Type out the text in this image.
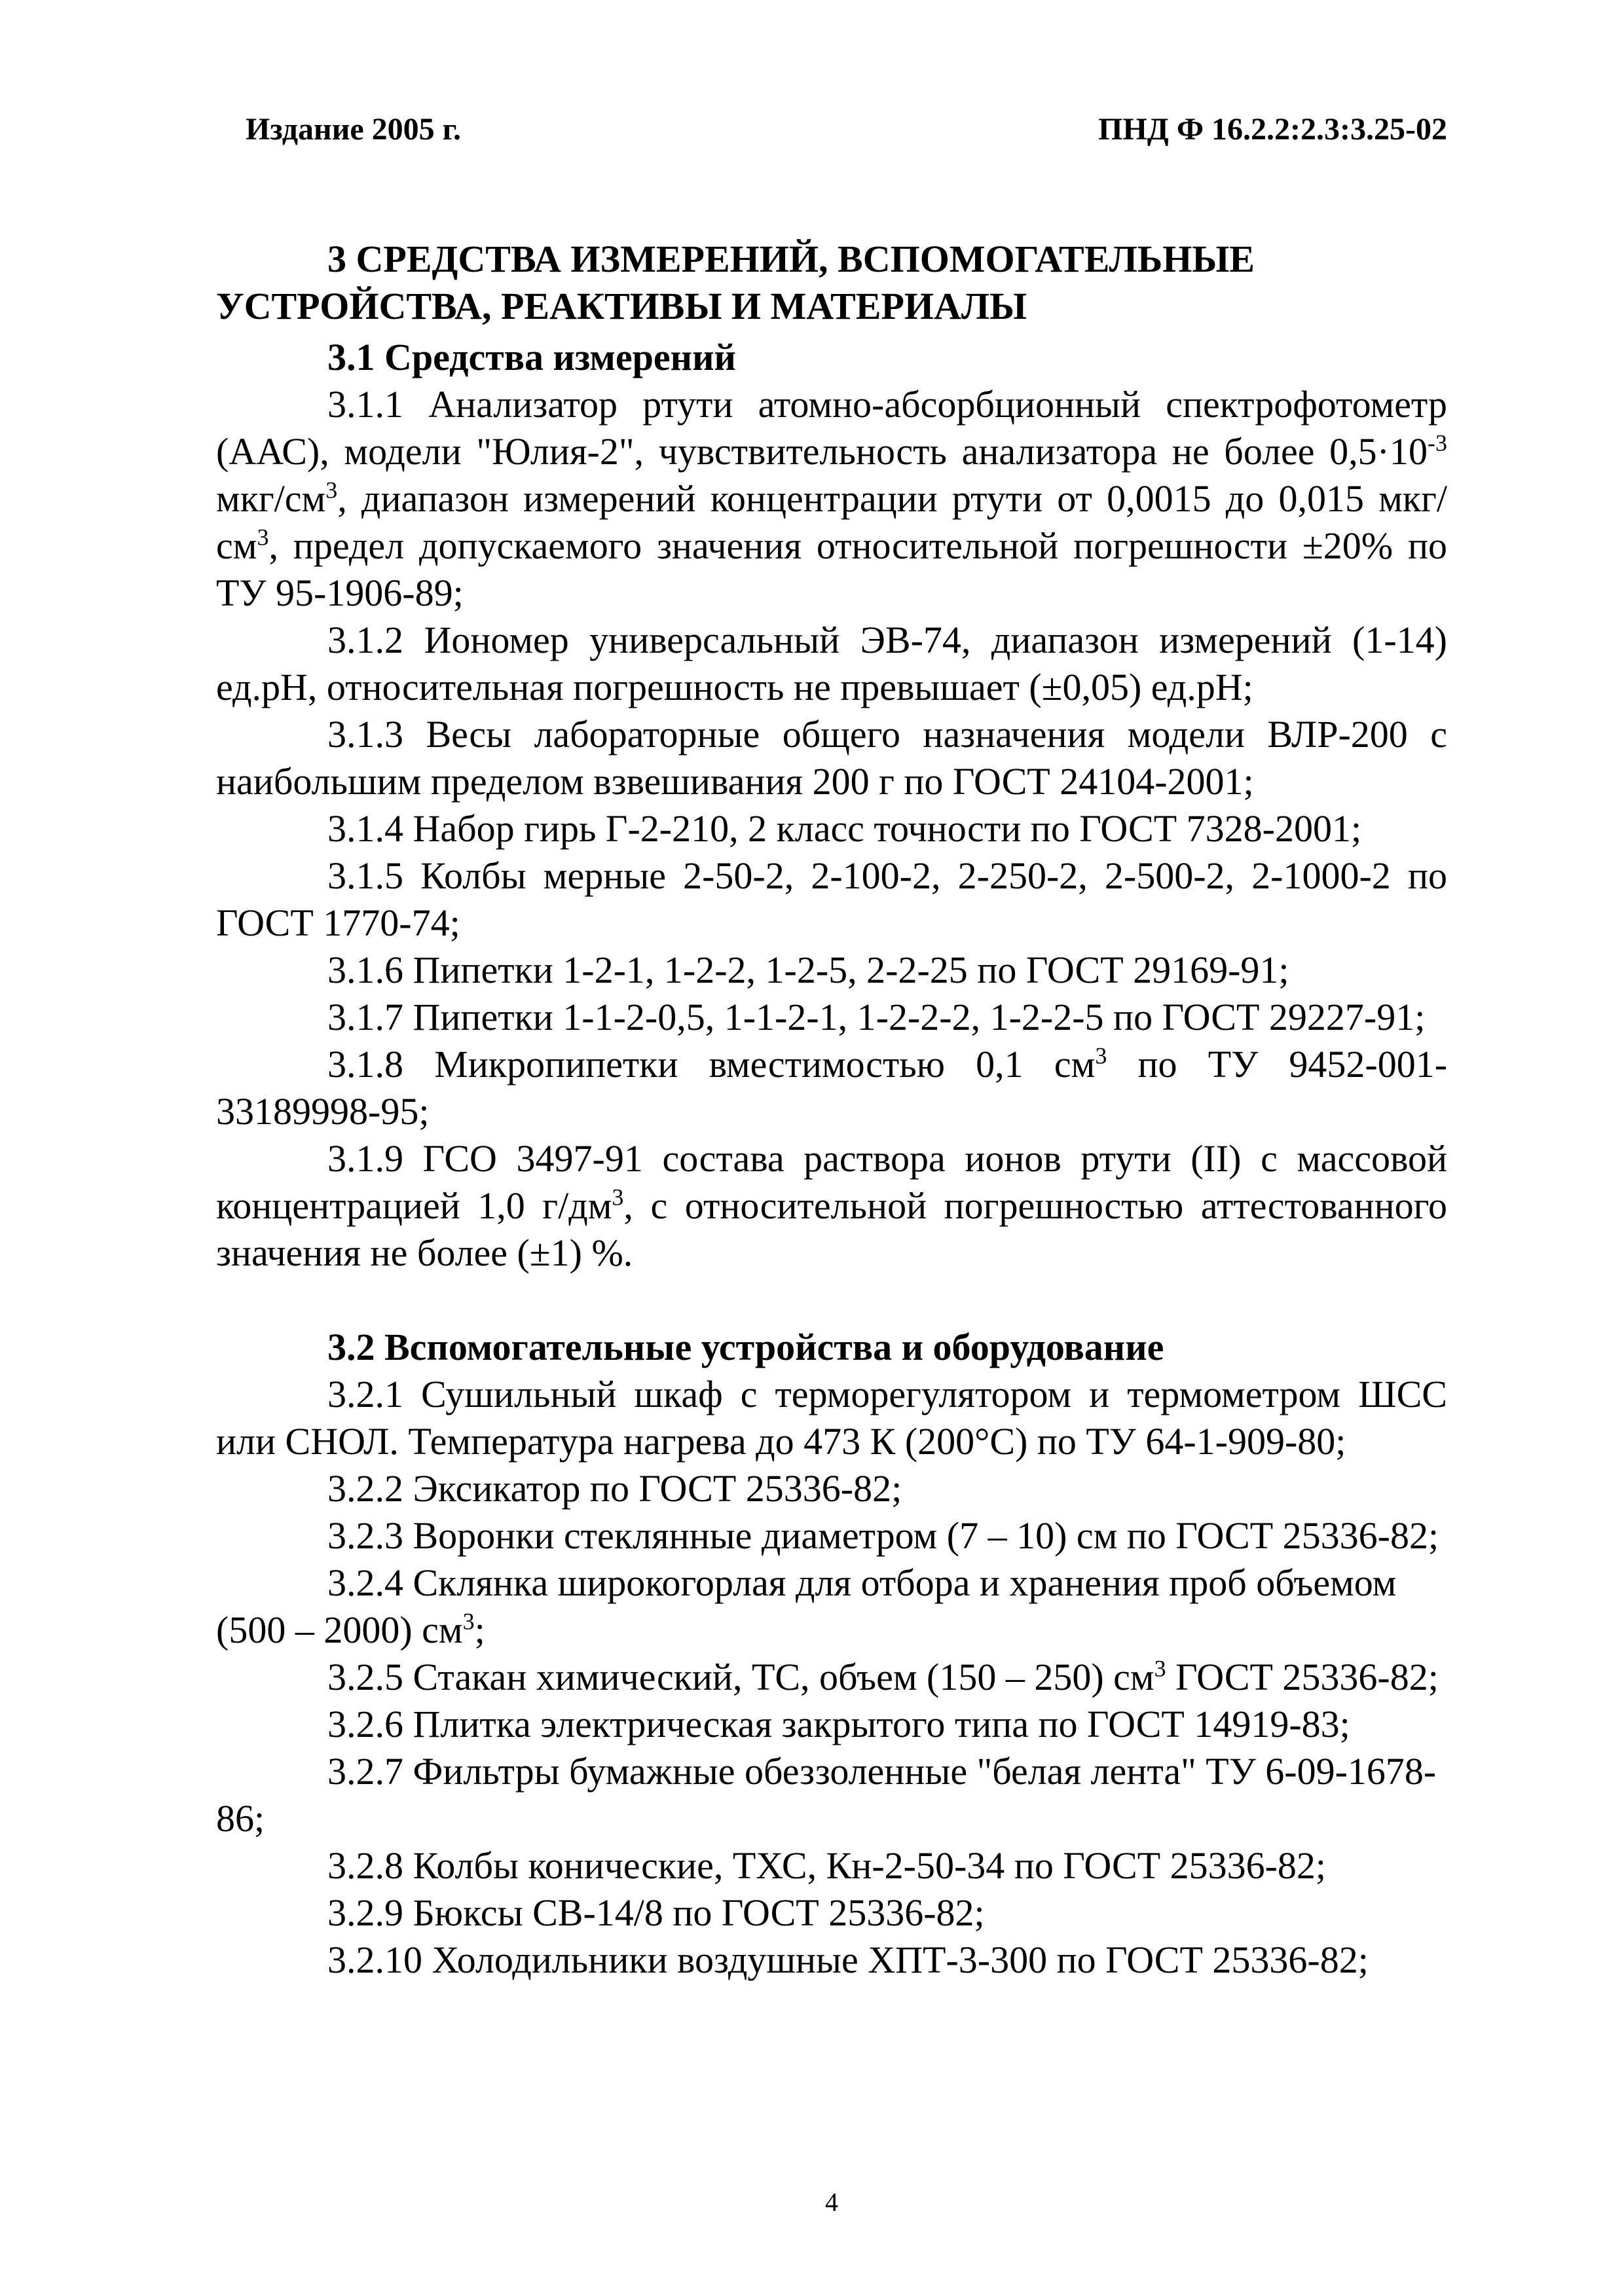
Издание 2005 г.	ПНД Ф 16.2.2:2.3:3.25-02
3 СРЕДСТВА ИЗМЕРЕНИЙ, ВСПОМОГАТЕЛЬНЫЕ
УСТРОЙСТВА, РЕАКТИВЫ И МАТЕРИАЛЫ

3.1 Средства измерений

3.1.1 Анализатор ртути атомно-абсорбционный спектрофотометр (ААС), модели "Юлия-2", чувствительность анализатора не более $0,5\cdot 10^{-3}$ мкг/$см^3$, диапазон измерений концентрации ртути от 0,0015 до 0,015 мкг/$см^3$, предел допускаемого значения относительной погрешности ±20% по ТУ 95-1906-89;

3.1.2 Иономер универсальный ЭВ-74, диапазон измерений (1-14) ед.рН, относительная погрешность не превышает (±0,05) ед.рН;

3.1.3 Весы лабораторные общего назначения модели ВЛР-200 с наибольшим пределом взвешивания 200 г по ГОСТ 24104-2001;

3.1.4 Набор гирь Г-2-210, 2 класс точности по ГОСТ 7328-2001;

3.1.5 Колбы мерные 2-50-2, 2-100-2, 2-250-2, 2-500-2, 2-1000-2 по ГОСТ 1770-74;

3.1.6 Пипетки 1-2-1, 1-2-2, 1-2-5, 2-2-25 по ГОСТ 29169-91;

3.1.7 Пипетки 1-1-2-0,5, 1-1-2-1, 1-2-2-2, 1-2-2-5 по ГОСТ 29227-91;

3.1.8 Микропипетки вместимостью 0,1 $см^3$ по ТУ 9452-001-33189998-95;

3.1.9 ГСО 3497-91 состава раствора ионов ртути (II) с массовой концентрацией 1,0 $г/дм^3$, с относительной погрешностью аттестованного значения не более (±1) %.

3.2 Вспомогательные устройства и оборудование

3.2.1 Сушильный шкаф с терморегулятором и термометром ШСС или СНОЛ. Температура нагрева до 473 К (200°С) по ТУ 64-1-909-80;

3.2.2 Эксикатор по ГОСТ 25336-82;

3.2.3 Воронки стеклянные диаметром (7 – 10) см по ГОСТ 25336-82;

3.2.4 Склянка широкогорлая для отбора и хранения проб объемом (500 – 2000) $см^3$;

3.2.5 Стакан химический, ТС, объем (150 – 250) $см^3$ ГОСТ 25336-82;

3.2.6 Плитка электрическая закрытого типа по ГОСТ 14919-83;

3.2.7 Фильтры бумажные обеззоленные "белая лента" ТУ 6-09-1678-86;

3.2.8 Колбы конические, ТХС, Кн-2-50-34 по ГОСТ 25336-82;

3.2.9 Бюксы СВ-14/8 по ГОСТ 25336-82;

3.2.10 Холодильники воздушные ХПТ-3-300 по ГОСТ 25336-82;

4
